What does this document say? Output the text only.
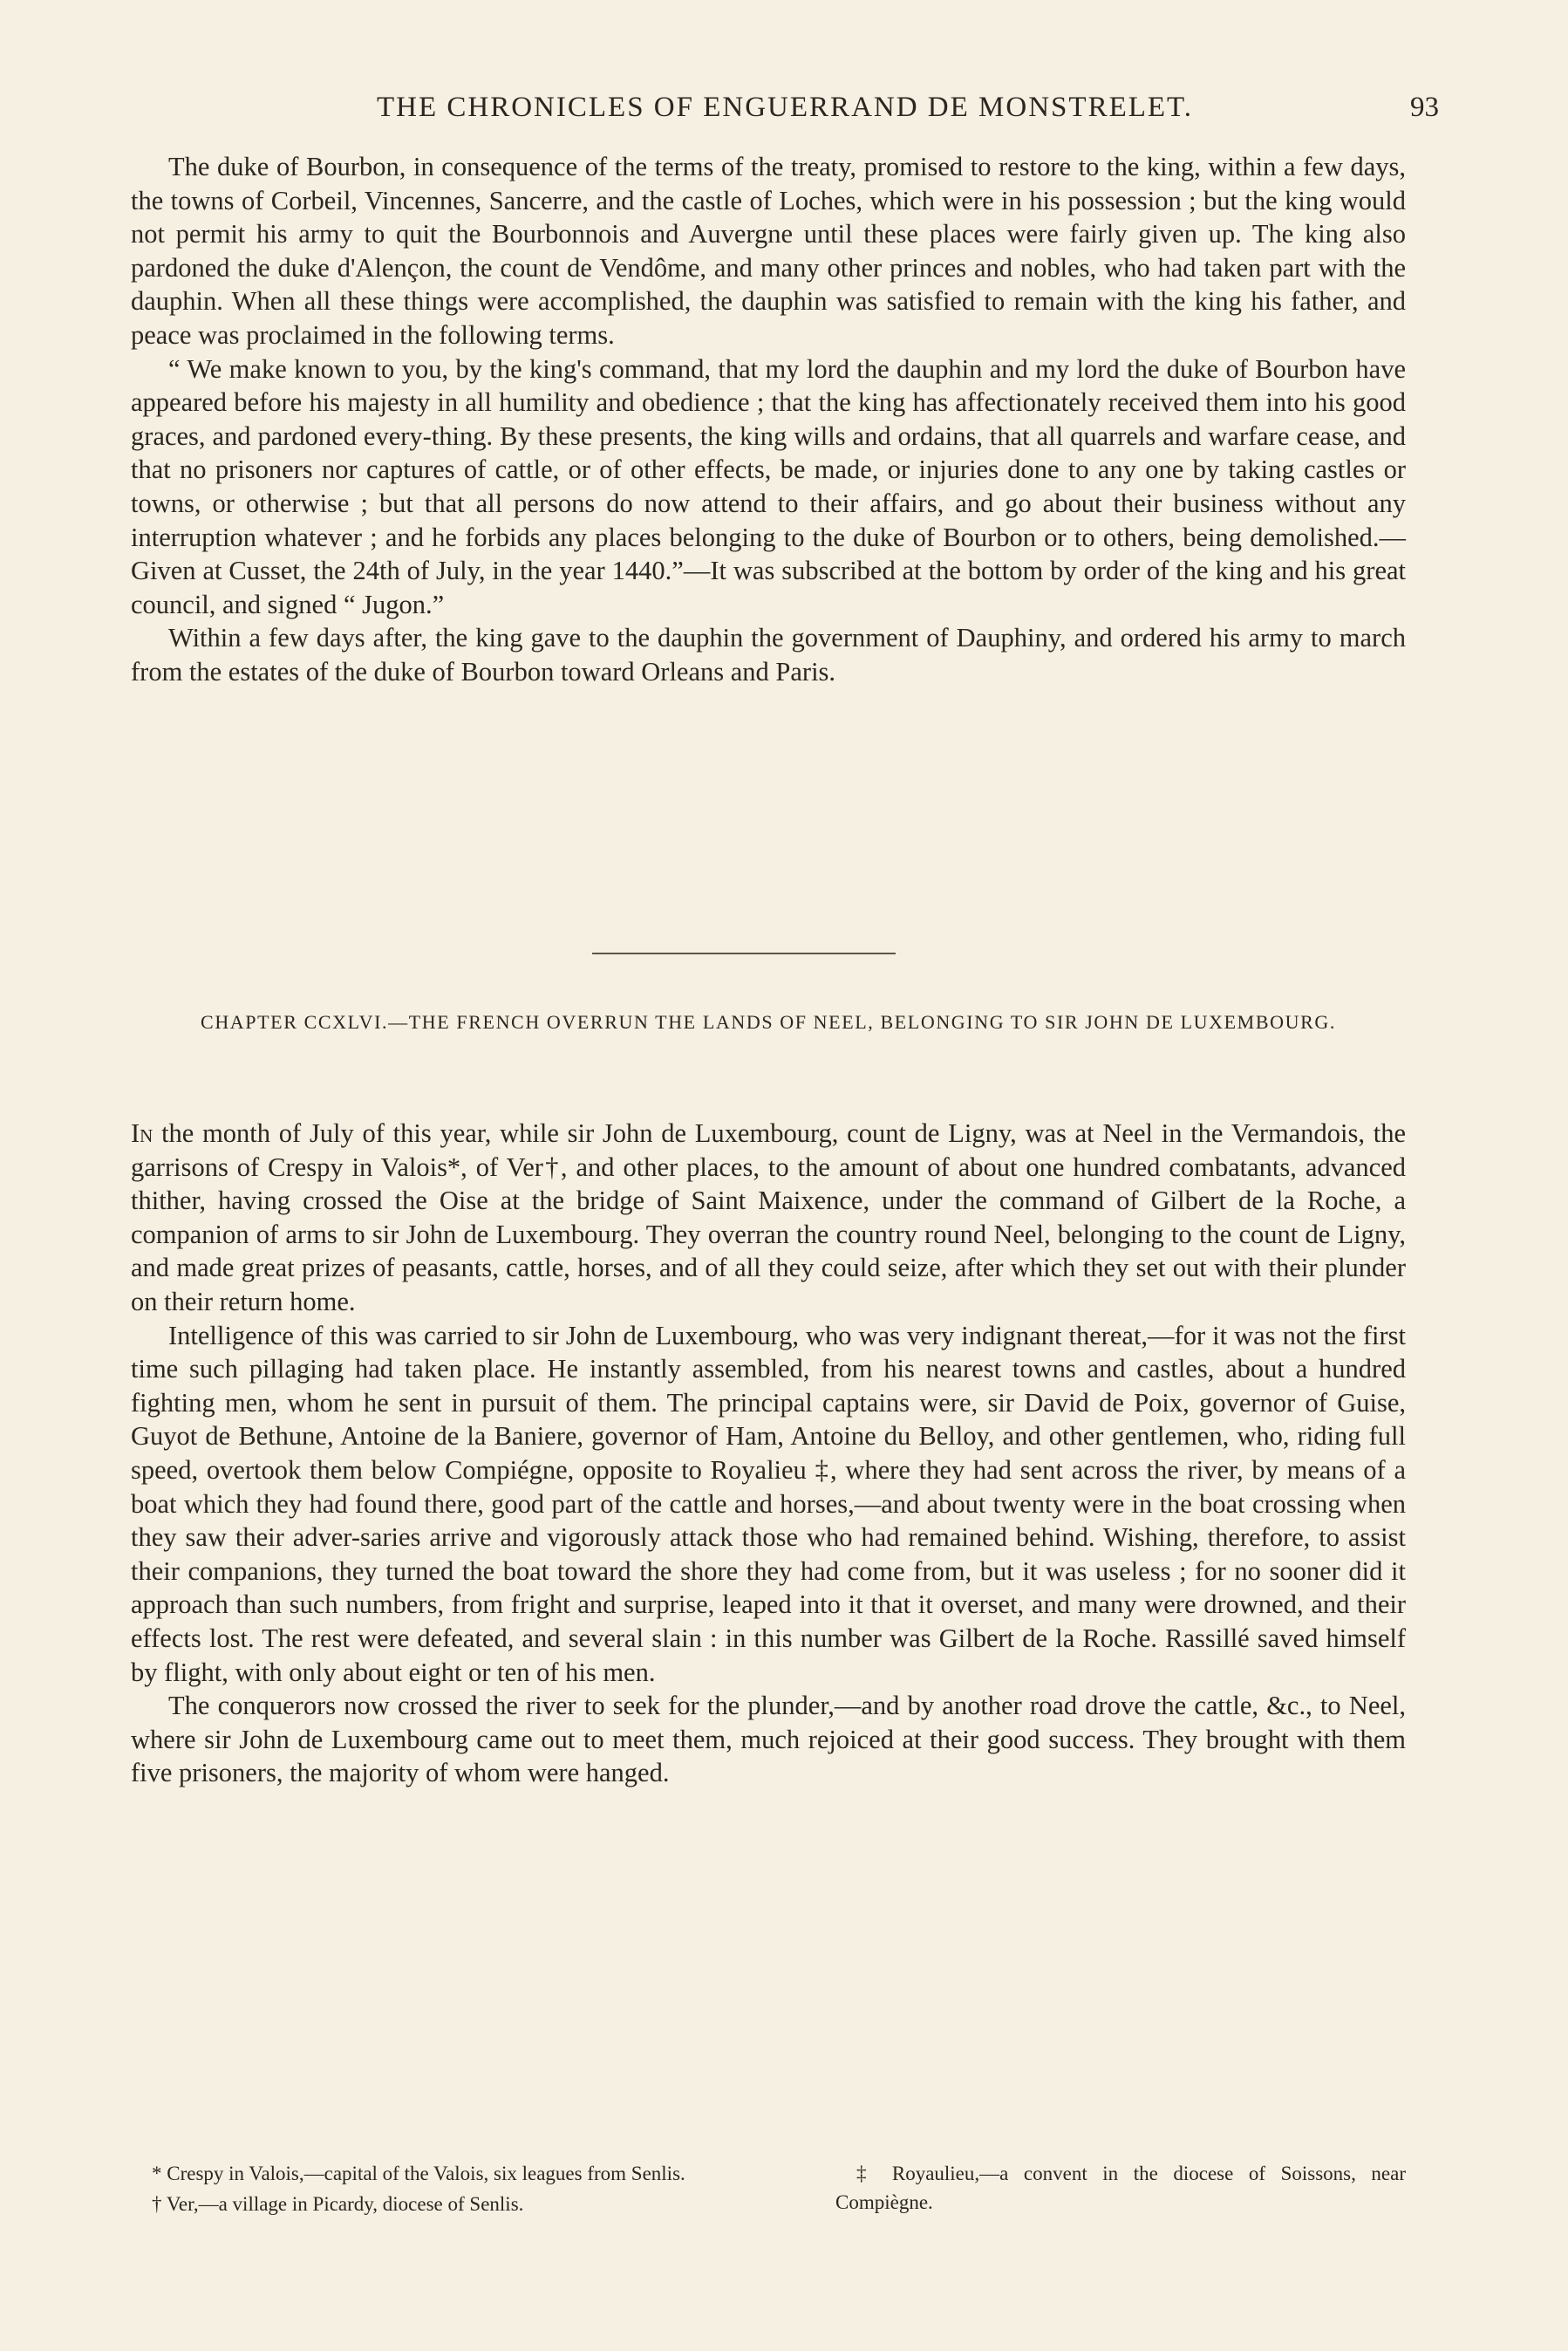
THE CHRONICLES OF ENGUERRAND DE MONSTRELET.	93

The duke of Bourbon, in consequence of the terms of the treaty, promised to restore to the king, within a few days, the towns of Corbeil, Vincennes, Sancerre, and the castle of Loches, which were in his possession ; but the king would not permit his army to quit the Bourbonnois and Auvergne until these places were fairly given up. The king also pardoned the duke d'Alençon, the count de Vendôme, and many other princes and nobles, who had taken part with the dauphin. When all these things were accomplished, the dauphin was satisfied to remain with the king his father, and peace was proclaimed in the following terms.

“ We make known to you, by the king's command, that my lord the dauphin and my lord the duke of Bourbon have appeared before his majesty in all humility and obedience ; that the king has affectionately received them into his good graces, and pardoned every-thing. By these presents, the king wills and ordains, that all quarrels and warfare cease, and that no prisoners nor captures of cattle, or of other effects, be made, or injuries done to any one by taking castles or towns, or otherwise ; but that all persons do now attend to their affairs, and go about their business without any interruption whatever ; and he forbids any places belonging to the duke of Bourbon or to others, being demolished.—Given at Cusset, the 24th of July, in the year 1440.”—It was subscribed at the bottom by order of the king and his great council, and signed “ Jugon.”

Within a few days after, the king gave to the dauphin the government of Dauphiny, and ordered his army to march from the estates of the duke of Bourbon toward Orleans and Paris.

CHAPTER CCXLVI.—THE FRENCH OVERRUN THE LANDS OF NEEL, BELONGING TO SIR JOHN DE LUXEMBOURG.

In the month of July of this year, while sir John de Luxembourg, count de Ligny, was at Neel in the Vermandois, the garrisons of Crespy in Valois*, of Ver†, and other places, to the amount of about one hundred combatants, advanced thither, having crossed the Oise at the bridge of Saint Maixence, under the command of Gilbert de la Roche, a companion of arms to sir John de Luxembourg. They overran the country round Neel, belonging to the count de Ligny, and made great prizes of peasants, cattle, horses, and of all they could seize, after which they set out with their plunder on their return home.

Intelligence of this was carried to sir John de Luxembourg, who was very indignant thereat,—for it was not the first time such pillaging had taken place. He instantly assembled, from his nearest towns and castles, about a hundred fighting men, whom he sent in pursuit of them. The principal captains were, sir David de Poix, governor of Guise, Guyot de Bethune, Antoine de la Baniere, governor of Ham, Antoine du Belloy, and other gentlemen, who, riding full speed, overtook them below Compiégne, opposite to Royalieu ‡, where they had sent across the river, by means of a boat which they had found there, good part of the cattle and horses,—and about twenty were in the boat crossing when they saw their adver-saries arrive and vigorously attack those who had remained behind. Wishing, therefore, to assist their companions, they turned the boat toward the shore they had come from, but it was useless ; for no sooner did it approach than such numbers, from fright and surprise, leaped into it that it overset, and many were drowned, and their effects lost. The rest were defeated, and several slain : in this number was Gilbert de la Roche. Rassillé saved himself by flight, with only about eight or ten of his men.

The conquerors now crossed the river to seek for the plunder,—and by another road drove the cattle, &c., to Neel, where sir John de Luxembourg came out to meet them, much rejoiced at their good success. They brought with them five prisoners, the majority of whom were hanged.

* Crespy in Valois,—capital of the Valois, six leagues from Senlis.

† Ver,—a village in Picardy, diocese of Senlis.

‡ Royaulieu,—a convent in the diocese of Soissons, near Compiègne.
